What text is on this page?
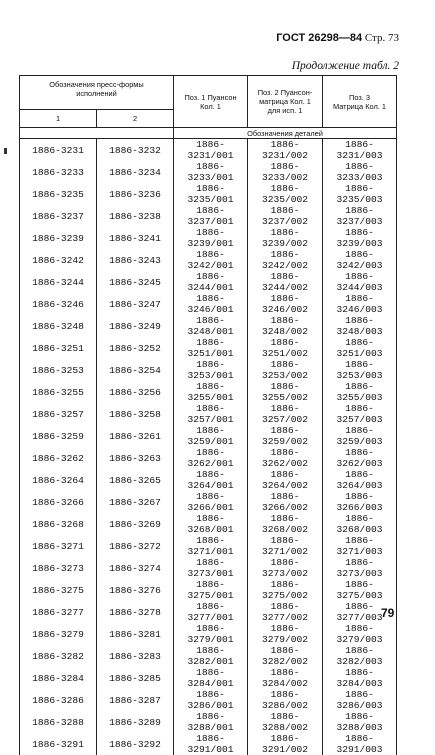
ГОСТ 26298—84 Стр. 73
Продолжение табл. 2
Обозначения пресс-формы исполнений		Поз. 1 Пуансон Кол. 1	Поз. 2 Пуансон-матрица Кол. 1 для исп. 1	Поз. 3 Матрица Кол. 1
1	2			
		Обозначения деталей		
1886-3231	1886-3232	1886-3231/001	1886-3231/002	1886-3231/003
1886-3233	1886-3234	1886-3233/001	1886-3233/002	1886-3233/003
1886-3235	1886-3236	1886-3235/001	1886-3235/002	1886-3235/003
1886-3237	1886-3238	1886-3237/001	1886-3237/002	1886-3237/003
1886-3239	1886-3241	1886-3239/001	1886-3239/002	1886-3239/003
1886-3242	1886-3243	1886-3242/001	1886-3242/002	1886-3242/003
1886-3244	1886-3245	1886-3244/001	1886-3244/002	1886-3244/003
1886-3246	1886-3247	1886-3246/001	1886-3246/002	1886-3246/003
1886-3248	1886-3249	1886-3248/001	1886-3248/002	1886-3248/003
1886-3251	1886-3252	1886-3251/001	1886-3251/002	1886-3251/003
1886-3253	1886-3254	1886-3253/001	1886-3253/002	1886-3253/003
1886-3255	1886-3256	1886-3255/001	1886-3255/002	1886-3255/003
1886-3257	1886-3258	1886-3257/001	1886-3257/002	1886-3257/003
1886-3259	1886-3261	1886-3259/001	1886-3259/002	1886-3259/003
1886-3262	1886-3263	1886-3262/001	1886-3262/002	1886-3262/003
1886-3264	1886-3265	1886-3264/001	1886-3264/002	1886-3264/003
1886-3266	1886-3267	1886-3266/001	1886-3266/002	1886-3266/003
1886-3268	1886-3269	1886-3268/001	1886-3268/002	1886-3268/003
1886-3271	1886-3272	1886-3271/001	1886-3271/002	1886-3271/003
1886-3273	1886-3274	1886-3273/001	1886-3273/002	1886-3273/003
1886-3275	1886-3276	1886-3275/001	1886-3275/002	1886-3275/003
1886-3277	1886-3278	1886-3277/001	1886-3277/002	1886-3277/003
1886-3279	1886-3281	1886-3279/001	1886-3279/002	1886-3279/003
1886-3282	1886-3283	1886-3282/001	1886-3282/002	1886-3282/003
1886-3284	1886-3285	1886-3284/001	1886-3284/002	1886-3284/003
1886-3286	1886-3287	1886-3286/001	1886-3286/002	1886-3286/003
1886-3288	1886-3289	1886-3288/001	1886-3288/002	1886-3288/003
1886-3291	1886-3292	1886-3291/001	1886-3291/002	1886-3291/003
79
